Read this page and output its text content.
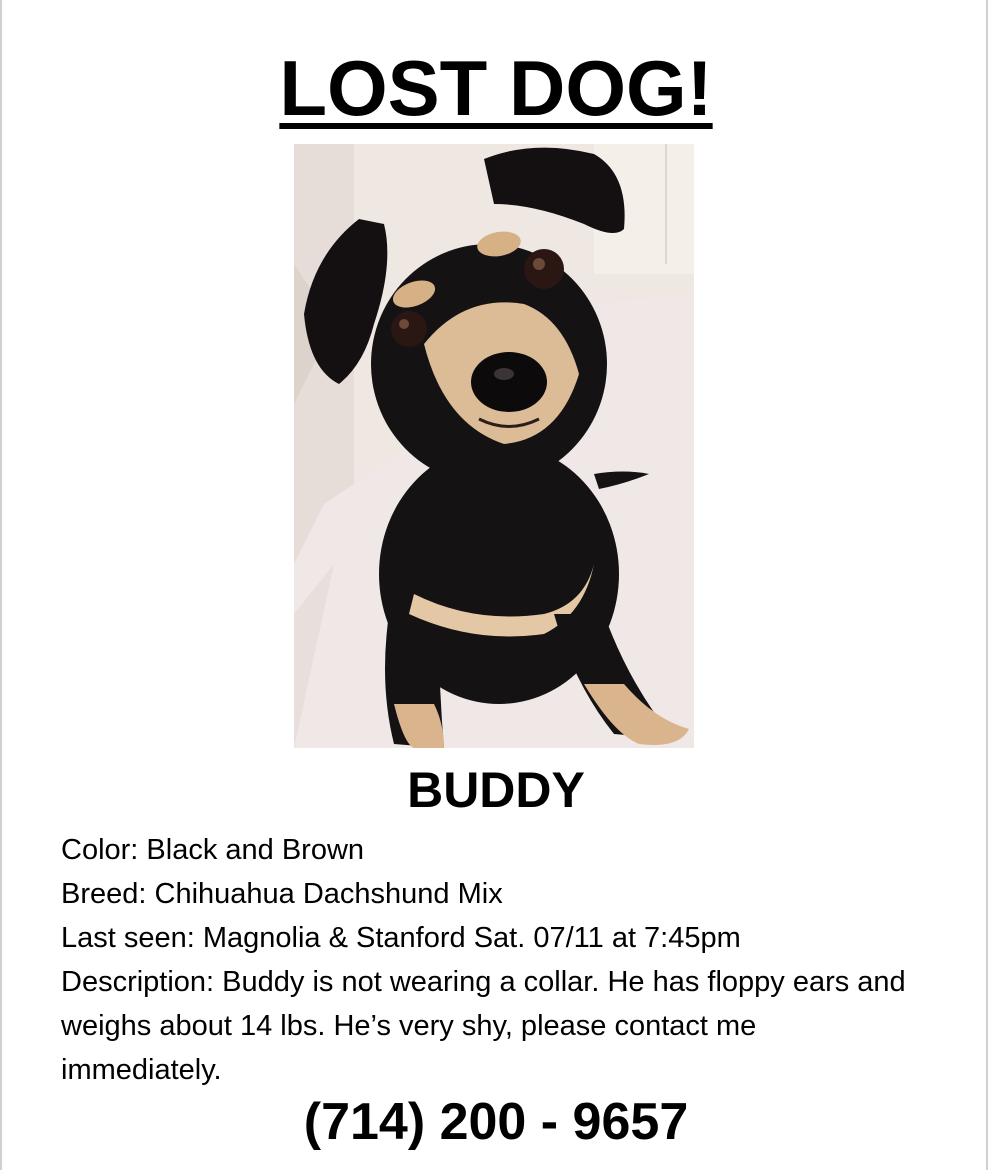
LOST DOG!
BUDDY
Color: Black and Brown
Breed: Chihuahua Dachshund Mix
Last seen: Magnolia & Stanford Sat. 07/11 at 7:45pm
Description: Buddy is not wearing a collar. He has floppy ears and weighs about 14 lbs. He’s very shy, please contact me immediately.
(714) 200 - 9657
